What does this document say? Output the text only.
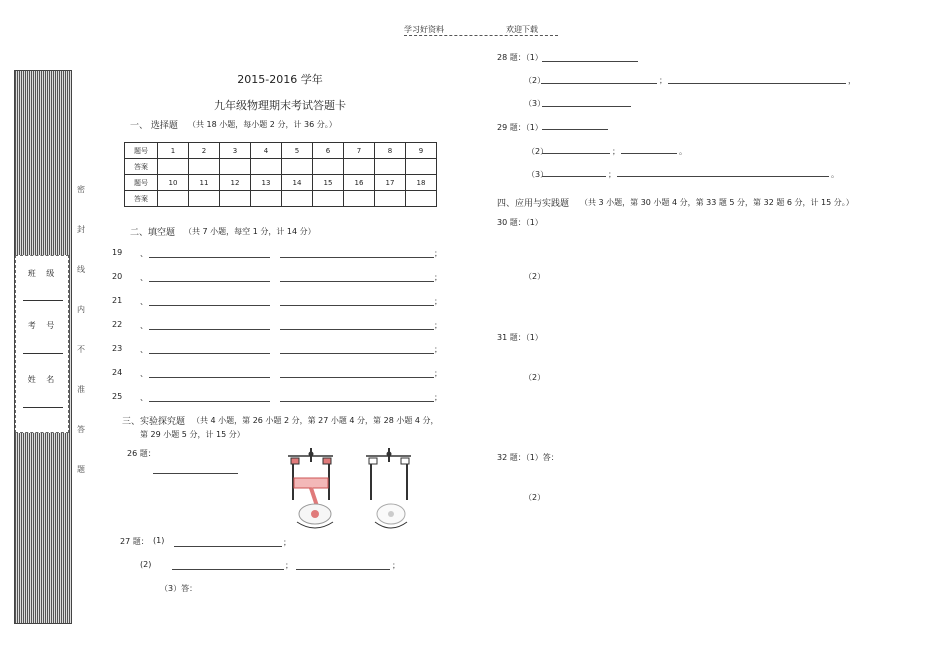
学习好资料	欢迎下载
班 级
考 号
姓 名
密
封
线
内
不
准
答
题
2015-2016 学年
九年级物理期末考试答题卡
一、 选择题 （共 18 小题，每小题 2 分，计 36 分。）
题号	1	2	3	4	5	6	7	8	9
答案									
题号	10	11	12	13	14	15	16	17	18
答案									
二、填空题 （共 7 小题，每空 1 分，计 14 分）
19 、	；
20 、	；
21 、	；
22 、	；
23 、	；
24 、	；
25 、	；
三、实验探究题 （共 4 小题，第 26 小题 2 分，第 27 小题 4 分，第 28 小题 4 分，
第 29 小题 5 分，计 15 分）
26 题：
27 题： (1)	；
(2)	；	；
（3）答：
28 题：（1）
（2）	；	，
（3）
29 题：（1）
（2）	；	。
（3）	；	。
四、应用与实践题 （共 3 小题，第 30 小题 4 分，第 33 题 5 分，第 32 题 6 分，计 15 分。）
30 题：（1）
（2）
31 题：（1）
（2）
32 题：（1）答：
（2）
